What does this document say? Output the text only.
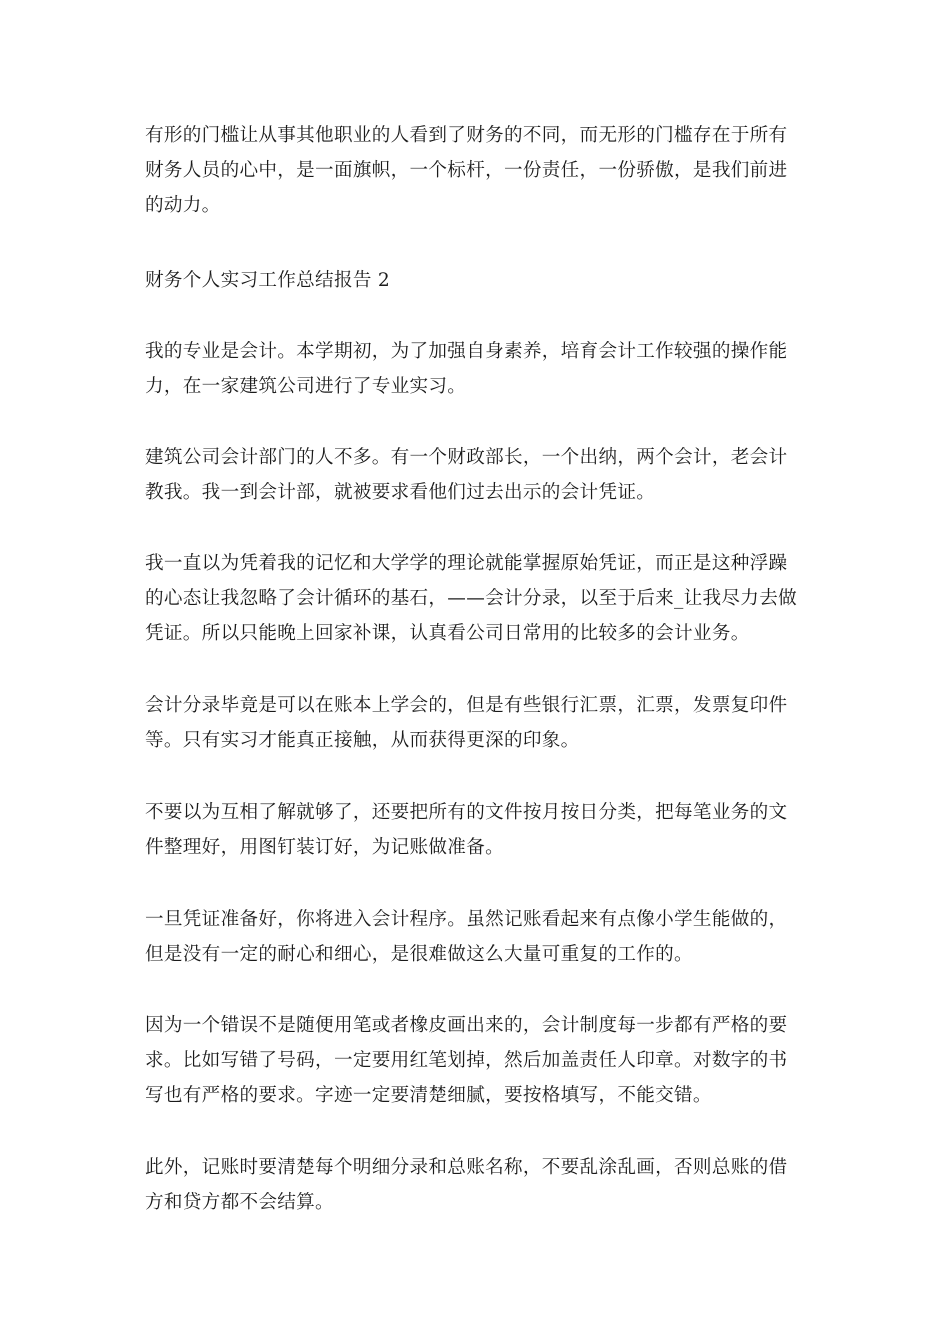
有形的门槛让从事其他职业的人看到了财务的不同，而无形的门槛存在于所有
财务人员的心中，是一面旗帜，一个标杆，一份责任，一份骄傲，是我们前进
的动力。
财务个人实习工作总结报告 2
我的专业是会计。本学期初，为了加强自身素养，培育会计工作较强的操作能
力，在一家建筑公司进行了专业实习。
建筑公司会计部门的人不多。有一个财政部长，一个出纳，两个会计，老会计
教我。我一到会计部，就被要求看他们过去出示的会计凭证。
我一直以为凭着我的记忆和大学学的理论就能掌握原始凭证，而正是这种浮躁
的心态让我忽略了会计循环的基石，——会计分录，以至于后来_让我尽力去做
凭证。所以只能晚上回家补课，认真看公司日常用的比较多的会计业务。
会计分录毕竟是可以在账本上学会的，但是有些银行汇票，汇票，发票复印件
等。只有实习才能真正接触，从而获得更深的印象。
不要以为互相了解就够了，还要把所有的文件按月按日分类，把每笔业务的文
件整理好，用图钉装订好，为记账做准备。
一旦凭证准备好，你将进入会计程序。虽然记账看起来有点像小学生能做的，
但是没有一定的耐心和细心，是很难做这么大量可重复的工作的。
因为一个错误不是随便用笔或者橡皮画出来的，会计制度每一步都有严格的要
求。比如写错了号码，一定要用红笔划掉，然后加盖责任人印章。对数字的书
写也有严格的要求。字迹一定要清楚细腻，要按格填写，不能交错。
此外，记账时要清楚每个明细分录和总账名称，不要乱涂乱画，否则总账的借
方和贷方都不会结算。
